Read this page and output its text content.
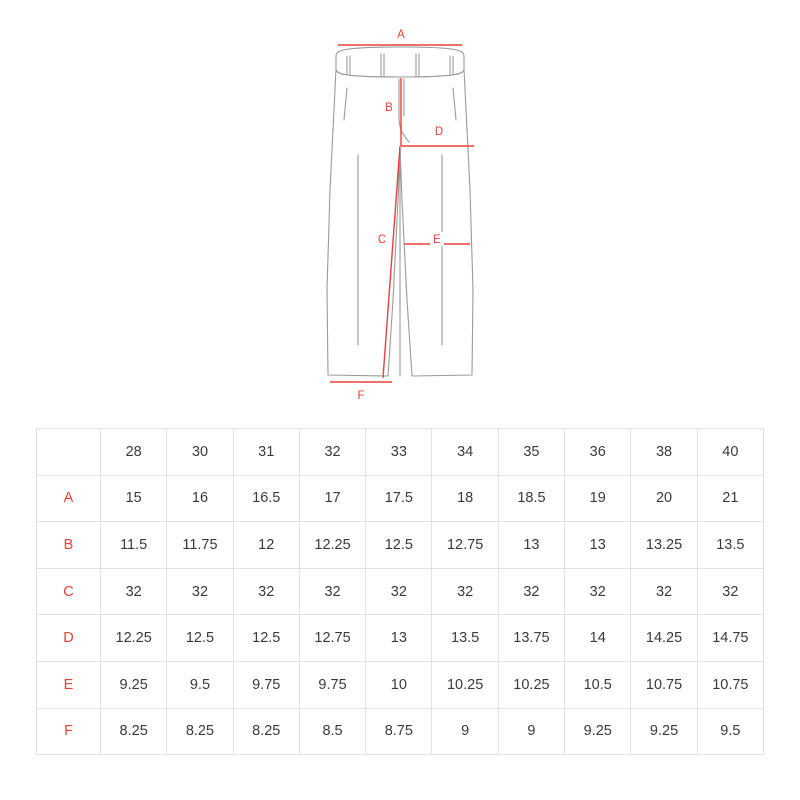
A
B
D
C	E
F
	28	30	31	32	33	34	35	36	38	40
A	15	16	16.5	17	17.5	18	18.5	19	20	21
B	11.5	11.75	12	12.25	12.5	12.75	13	13	13.25	13.5
C	32	32	32	32	32	32	32	32	32	32
D	12.25	12.5	12.5	12.75	13	13.5	13.75	14	14.25	14.75
E	9.25	9.5	9.75	9.75	10	10.25	10.25	10.5	10.75	10.75
F	8.25	8.25	8.25	8.5	8.75	9	9	9.25	9.25	9.5
